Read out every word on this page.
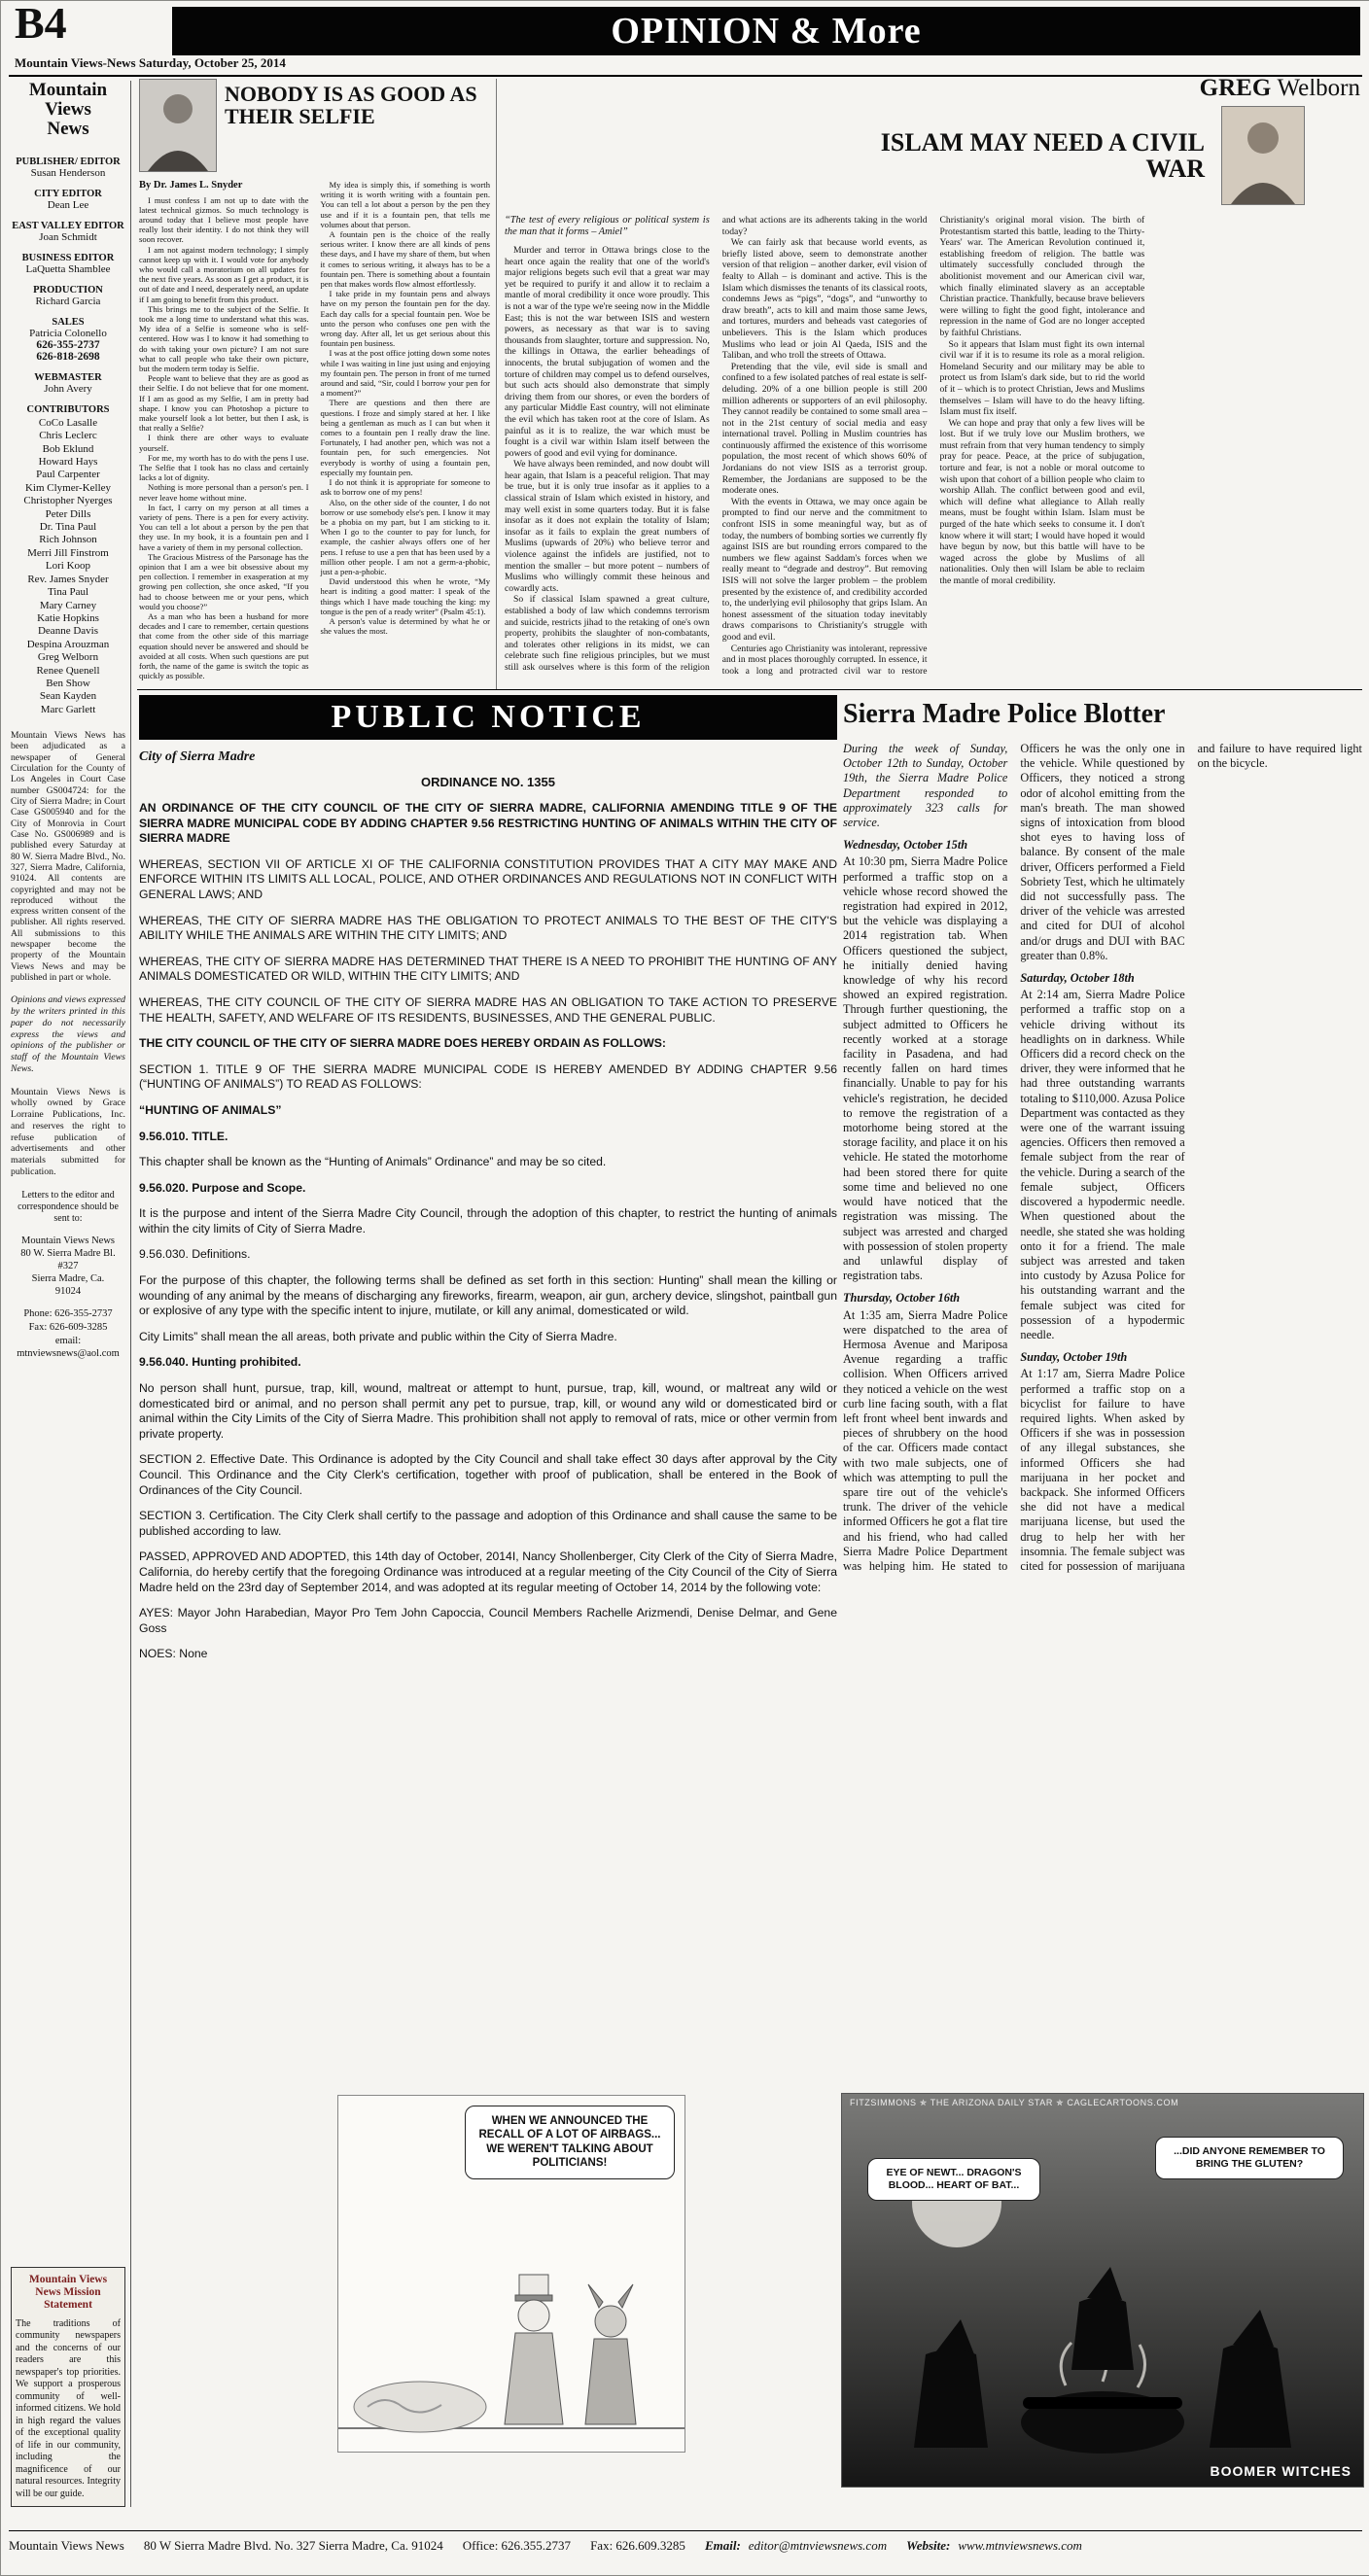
B4	OPINION & More
Mountain Views-News Saturday, October 25, 2014
Mountain
Views
News
PUBLISHER/ EDITOR
Susan Henderson
CITY EDITOR
Dean Lee
EAST VALLEY EDITOR
Joan Schmidt
BUSINESS EDITOR
LaQuetta Shamblee
PRODUCTION
Richard Garcia
SALES
Patricia Colonello
626-355-2737
626-818-2698
WEBMASTER
John Avery
CONTRIBUTORS
CoCo Lasalle
Chris Leclerc
Bob Eklund
Howard Hays
Paul Carpenter
Kim Clymer-Kelley
Christopher Nyerges
Peter Dills
Dr. Tina Paul
Rich Johnson
Merri Jill Finstrom
Lori Koop
Rev. James Snyder
Tina Paul
Mary Carney
Katie Hopkins
Deanne Davis
Despina Arouzman
Greg Welborn
Renee Quenell
Ben Show
Sean Kayden
Marc Garlett

Mountain Views News has been adjudicated as a newspaper of General Circulation for the County of Los Angeles in Court Case number GS004724: for the City of Sierra Madre; in Court Case GS005940 and for the City of Monrovia in Court Case No. GS006989 and is published every Saturday at 80 W. Sierra Madre Blvd., No. 327, Sierra Madre, California, 91024. All contents are copyrighted and may not be reproduced without the express written consent of the publisher. All rights reserved. All submissions to this newspaper become the property of the Mountain Views News and may be published in part or whole.

Opinions and views expressed by the writers printed in this paper do not necessarily express the views and opinions of the publisher or staff of the Mountain Views News.

Mountain Views News is wholly owned by Grace Lorraine Publications, Inc. and reserves the right to refuse publication of advertisements and other materials submitted for publication.

Letters to the editor and correspondence should be sent to:

Mountain Views News
80 W. Sierra Madre Bl.
#327
Sierra Madre, Ca.
91024
Phone: 626-355-2737
Fax: 626-609-3285
email:
mtnviewsnews@aol.com
Mountain Views News Mission Statement

The traditions of community newspapers and the concerns of our readers are this newspaper's top priorities. We support a prosperous community of well-informed citizens. We hold in high regard the values of the exceptional quality of life in our community, including the magnificence of our natural resources. Integrity will be our guide.

NOBODY IS AS GOOD AS THEIR SELFIE
By Dr. James L. Snyder

I must confess I am not up to date with the latest technical gizmos. So much technology is around today that I believe most people have really lost their identity. I do not think they will soon recover.

I am not against modern technology; I simply cannot keep up with it. I would vote for anybody who would call a moratorium on all updates for the next five years. As soon as I get a product, it is out of date and I need, desperately need, an update if I am going to benefit from this product.

This brings me to the subject of the Selfie. It took me a long time to understand what this was. My idea of a Selfie is someone who is self-centered. How was I to know it had something to do with taking your own picture? I am not sure what to call people who take their own picture, but the modern term today is Selfie.

People want to believe that they are as good as their Selfie. I do not believe that for one moment. If I am as good as my Selfie, I am in pretty bad shape. I know you can Photoshop a picture to make yourself look a lot better, but then I ask, is that really a Selfie?

I think there are other ways to evaluate yourself.

For me, my worth has to do with the pens I use. The Selfie that I took has no class and certainly lacks a lot of dignity.

Nothing is more personal than a person's pen. I never leave home without mine.

In fact, I carry on my person at all times a variety of pens. There is a pen for every activity. You can tell a lot about a person by the pen that they use. In my book, it is a fountain pen and I have a variety of them in my personal collection.

The Gracious Mistress of the Parsonage has the opinion that I am a wee bit obsessive about my pen collection. I remember in exasperation at my growing pen collection, she once asked, “If you had to choose between me or your pens, which would you choose?”

As a man who has been a husband for more decades and I care to remember, certain questions that come from the other side of this marriage equation should never be answered and should be avoided at all costs. When such questions are put forth, the name of the game is switch the topic as quickly as possible.

My idea is simply this, if something is worth writing it is worth writing with a fountain pen. You can tell a lot about a person by the pen they use and if it is a fountain pen, that tells me volumes about that person.

A fountain pen is the choice of the really serious writer. I know there are all kinds of pens these days, and I have my share of them, but when it comes to serious writing, it always has to be a fountain pen. There is something about a fountain pen that makes words flow almost effortlessly.

I take pride in my fountain pens and always have on my person the fountain pen for the day. Each day calls for a special fountain pen. Woe be unto the person who confuses one pen with the wrong day. After all, let us get serious about this fountain pen business.

I was at the post office jotting down some notes while I was waiting in line just using and enjoying my fountain pen. The person in front of me turned around and said, “Sir, could I borrow your pen for a moment?”

There are questions and then there are questions. I froze and simply stared at her. I like being a gentleman as much as I can but when it comes to a fountain pen I really draw the line. Fortunately, I had another pen, which was not a fountain pen, for such emergencies. Not everybody is worthy of using a fountain pen, especially my fountain pen.

I do not think it is appropriate for someone to ask to borrow one of my pens!

Also, on the other side of the counter, I do not borrow or use somebody else's pen. I know it may be a phobia on my part, but I am sticking to it. When I go to the counter to pay for lunch, for example, the cashier always offers one of her pens. I refuse to use a pen that has been used by a million other people. I am not a germ-a-phobic, just a pen-a-phobic.

David understood this when he wrote, “My heart is inditing a good matter: I speak of the things which I have made touching the king: my tongue is the pen of a ready writer” (Psalm 45:1).

A person's value is determined by what he or she values the most.

GREG Welborn
ISLAM MAY NEED A CIVIL WAR
“The test of every religious or political system is the man that it forms – Amiel”

Murder and terror in Ottawa brings close to the heart once again the reality that one of the world's major religions begets such evil that a great war may yet be required to purify it and allow it to reclaim a mantle of moral credibility it once wore proudly. This is not a war of the type we're seeing now in the Middle East; this is not the war between ISIS and western powers, as necessary as that war is to saving thousands from slaughter, torture and suppression. No, the killings in Ottawa, the earlier beheadings of innocents, the brutal subjugation of women and the torture of children may compel us to defend ourselves, but such acts should also demonstrate that simply driving them from our shores, or even the borders of any particular Middle East country, will not eliminate the evil which has taken root at the core of Islam. As painful as it is to realize, the war which must be fought is a civil war within Islam itself between the powers of good and evil vying for dominance.

We have always been reminded, and now doubt will hear again, that Islam is a peaceful religion. That may be true, but it is only true insofar as it applies to a classical strain of Islam which existed in history, and may well exist in some quarters today. But it is false insofar as it does not explain the totality of Islam; insofar as it fails to explain the great numbers of Muslims (upwards of 20%) who believe terror and violence against the infidels are justified, not to mention the smaller – but more potent – numbers of Muslims who willingly commit these heinous and cowardly acts.

So if classical Islam spawned a great culture, established a body of law which condemns terrorism and suicide, restricts jihad to the retaking of one's own property, prohibits the slaughter of non-combatants, and tolerates other religions in its midst, we can celebrate such fine religious principles, but we must still ask ourselves where is this form of the religion and what actions are its adherents taking in the world today?

We can fairly ask that because world events, as briefly listed above, seem to demonstrate another version of that religion – another darker, evil vision of fealty to Allah – is dominant and active. This is the Islam which dismisses the tenants of its classical roots, condemns Jews as “pigs”, “dogs”, and “unworthy to draw breath”, acts to kill and maim those same Jews, and tortures, murders and beheads vast categories of unbelievers. This is the Islam which produces Muslims who lead or join Al Qaeda, ISIS and the Taliban, and who troll the streets of Ottawa.

Pretending that the vile, evil side is small and confined to a few isolated patches of real estate is self-deluding. 20% of a one billion people is still 200 million adherents or supporters of an evil philosophy. They cannot readily be contained to some small area – not in the 21st century of social media and easy international travel. Polling in Muslim countries has continuously affirmed the existence of this worrisome population, the most recent of which shows 60% of Jordanians do not view ISIS as a terrorist group. Remember, the Jordanians are supposed to be the moderate ones.

With the events in Ottawa, we may once again be prompted to find our nerve and the commitment to confront ISIS in some meaningful way, but as of today, the numbers of bombing sorties we currently fly against ISIS are but rounding errors compared to the numbers we flew against Saddam's forces when we really meant to “degrade and destroy”. But removing ISIS will not solve the larger problem – the problem presented by the existence of, and credibility accorded to, the underlying evil philosophy that grips Islam. An honest assessment of the situation today inevitably draws comparisons to Christianity's struggle with good and evil.

Centuries ago Christianity was intolerant, repressive and in most places thoroughly corrupted. In essence, it took a long and protracted civil war to restore Christianity's original moral vision. The birth of Protestantism started this battle, leading to the Thirty-Years' war. The American Revolution continued it, establishing freedom of religion. The battle was ultimately successfully concluded through the abolitionist movement and our American civil war, which finally eliminated slavery as an acceptable Christian practice. Thankfully, because brave believers were willing to fight the good fight, intolerance and repression in the name of God are no longer accepted by faithful Christians.

So it appears that Islam must fight its own internal civil war if it is to resume its role as a moral religion. Homeland Security and our military may be able to protect us from Islam's dark side, but to rid the world of it – which is to protect Christian, Jews and Muslims themselves – Islam will have to do the heavy lifting. Islam must fix itself.

We can hope and pray that only a few lives will be lost. But if we truly love our Muslim brothers, we must refrain from that very human tendency to simply pray for peace. Peace, at the price of subjugation, torture and fear, is not a noble or moral outcome to wish upon that cohort of a billion people who claim to worship Allah. The conflict between good and evil, which will define what allegiance to Allah really means, must be fought within Islam. Islam must be purged of the hate which seeks to consume it. I don't know where it will start; I would have hoped it would have begun by now, but this battle will have to be waged across the globe by Muslims of all nationalities. Only then will Islam be able to reclaim the mantle of moral credibility.

PUBLIC NOTICE
City of Sierra Madre
ORDINANCE NO. 1355

AN ORDINANCE OF THE CITY COUNCIL OF THE CITY OF SIERRA MADRE, CALIFORNIA AMENDING TITLE 9 OF THE SIERRA MADRE MUNICIPAL CODE BY ADDING CHAPTER 9.56 RESTRICTING HUNTING OF ANIMALS WITHIN THE CITY OF SIERRA MADRE

WHEREAS, SECTION VII OF ARTICLE XI OF THE CALIFORNIA CONSTITUTION PROVIDES THAT A CITY MAY MAKE AND ENFORCE WITHIN ITS LIMITS ALL LOCAL, POLICE, AND OTHER ORDINANCES AND REGULATIONS NOT IN CONFLICT WITH GENERAL LAWS; AND

WHEREAS, THE CITY OF SIERRA MADRE HAS THE OBLIGATION TO PROTECT ANIMALS TO THE BEST OF THE CITY'S ABILITY WHILE THE ANIMALS ARE WITHIN THE CITY LIMITS; AND

WHEREAS, THE CITY OF SIERRA MADRE HAS DETERMINED THAT THERE IS A NEED TO PROHIBIT THE HUNTING OF ANY ANIMALS DOMESTICATED OR WILD, WITHIN THE CITY LIMITS; AND

WHEREAS, THE CITY COUNCIL OF THE CITY OF SIERRA MADRE HAS AN OBLIGATION TO TAKE ACTION TO PRESERVE THE HEALTH, SAFETY, AND WELFARE OF ITS RESIDENTS, BUSINESSES, AND THE GENERAL PUBLIC.

THE CITY COUNCIL OF THE CITY OF SIERRA MADRE DOES HEREBY ORDAIN AS FOLLOWS:

SECTION 1. TITLE 9 OF THE SIERRA MADRE MUNICIPAL CODE IS HEREBY AMENDED BY ADDING CHAPTER 9.56 (“HUNTING OF ANIMALS”) TO READ AS FOLLOWS:

“HUNTING OF ANIMALS”

9.56.010. TITLE.

This chapter shall be known as the “Hunting of Animals” Ordinance” and may be so cited.

9.56.020. Purpose and Scope.

It is the purpose and intent of the Sierra Madre City Council, through the adoption of this chapter, to restrict the hunting of animals within the city limits of City of Sierra Madre.

9.56.030. Definitions.

For the purpose of this chapter, the following terms shall be defined as set forth in this section: Hunting” shall mean the killing or wounding of any animal by the means of discharging any fireworks, firearm, weapon, air gun, archery device, slingshot, paintball gun or explosive of any type with the specific intent to injure, mutilate, or kill any animal, domesticated or wild.

City Limits” shall mean the all areas, both private and public within the City of Sierra Madre.

9.56.040. Hunting prohibited.

No person shall hunt, pursue, trap, kill, wound, maltreat or attempt to hunt, pursue, trap, kill, wound, or maltreat any wild or domesticated bird or animal, and no person shall permit any pet to pursue, trap, kill, or wound any wild or domesticated bird or animal within the City Limits of the City of Sierra Madre. This prohibition shall not apply to removal of rats, mice or other vermin from private property.

SECTION 2. Effective Date. This Ordinance is adopted by the City Council and shall take effect 30 days after approval by the City Council. This Ordinance and the City Clerk's certification, together with proof of publication, shall be entered in the Book of Ordinances of the City Council.

SECTION 3. Certification. The City Clerk shall certify to the passage and adoption of this Ordinance and shall cause the same to be published according to law.

PASSED, APPROVED AND ADOPTED, this 14th day of October, 2014I, Nancy Shollenberger, City Clerk of the City of Sierra Madre, California, do hereby certify that the foregoing Ordinance was introduced at a regular meeting of the City Council of the City of Sierra Madre held on the 23rd day of September 2014, and was adopted at its regular meeting of October 14, 2014 by the following vote:

AYES: Mayor John Harabedian, Mayor Pro Tem John Capoccia, Council Members Rachelle Arizmendi, Denise Delmar, and Gene Goss

NOES: None

Sierra Madre Police Blotter

During the week of Sunday, October 12th to Sunday, October 19th, the Sierra Madre Police Department responded to approximately 323 calls for service.

Wednesday, October 15th

At 10:30 pm, Sierra Madre Police performed a traffic stop on a vehicle whose record showed the registration had expired in 2012, but the vehicle was displaying a 2014 registration tab. When Officers questioned the subject, he initially denied having knowledge of why his record showed an expired registration. Through further questioning, the subject admitted to Officers he recently worked at a storage facility in Pasadena, and had recently fallen on hard times financially. Unable to pay for his vehicle's registration, he decided to remove the registration of a motorhome being stored at the storage facility, and place it on his vehicle. He stated the motorhome had been stored there for quite some time and believed no one would have noticed that the registration was missing. The subject was arrested and charged with possession of stolen property and unlawful display of registration tabs.

Thursday, October 16th

At 1:35 am, Sierra Madre Police were dispatched to the area of Hermosa Avenue and Mariposa Avenue regarding a traffic collision. When Officers arrived they noticed a vehicle on the west curb line facing south, with a flat left front wheel bent inwards and pieces of shrubbery on the hood of the car. Officers made contact with two male subjects, one of which was attempting to pull the spare tire out of the vehicle's trunk. The driver of the vehicle informed Officers he got a flat tire and his friend, who had called Sierra Madre Police Department was helping him. He stated to Officers he was the only one in the vehicle. While questioned by Officers, they noticed a strong odor of alcohol emitting from the man's breath. The man showed signs of intoxication from blood shot eyes to having loss of balance. By consent of the male driver, Officers performed a Field Sobriety Test, which he ultimately did not successfully pass. The driver of the vehicle was arrested and cited for DUI of alcohol and/or drugs and DUI with BAC greater than 0.8%.

Saturday, October 18th

At 2:14 am, Sierra Madre Police performed a traffic stop on a vehicle driving without its headlights on in darkness. While Officers did a record check on the driver, they were informed that he had three outstanding warrants totaling to $110,000. Azusa Police Department was contacted as they were one of the warrant issuing agencies. Officers then removed a female subject from the rear of the vehicle. During a search of the female subject, Officers discovered a hypodermic needle. When questioned about the needle, she stated she was holding onto it for a friend. The male subject was arrested and taken into custody by Azusa Police for his outstanding warrant and the female subject was cited for possession of a hypodermic needle.

Sunday, October 19th

At 1:17 am, Sierra Madre Police performed a traffic stop on a bicyclist for failure to have required lights. When asked by Officers if she was in possession of any illegal substances, she informed Officers she had marijuana in her pocket and backpack. She informed Officers she did not have a medical marijuana license, but used the drug to help her with her insomnia. The female subject was cited for possession of marijuana and failure to have required light on the bicycle.

WHEN WE ANNOUNCED THE RECALL OF A LOT OF AIRBAGS... WE WEREN'T TALKING ABOUT POLITICIANS!
FITZSIMMONS ✯ THE ARIZONA DAILY STAR ✯ CAGLECARTOONS.COM
EYE OF NEWT... DRAGON'S BLOOD... HEART OF BAT...
...DID ANYONE REMEMBER TO BRING THE GLUTEN?
BOOMER WITCHES
Mountain Views News 80 W Sierra Madre Blvd. No. 327 Sierra Madre, Ca. 91024 Office: 626.355.2737 Fax: 626.609.3285 Email: editor@mtnviewsnews.com Website: www.mtnviewsnews.com
